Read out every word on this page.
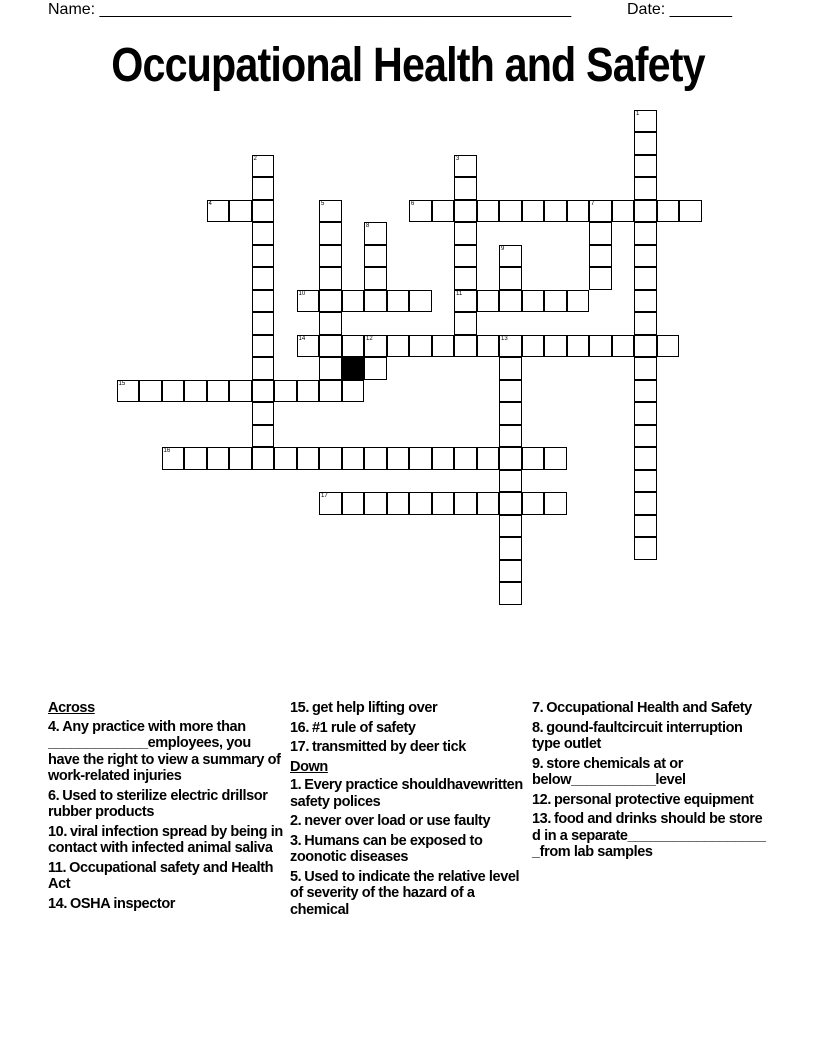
Name: _____________________________________________________	Date: _______
Occupational Health and Safety
4	6	7
10	11
14	12	13
15
16
17
1
2	3
5
8
9
Across
4. Any practice with more than _____________employees, you have the right to view a summary of work-related injuries
6. Used to sterilize electric drillsor rubber products
10. viral infection spread by being in contact with infected animal saliva
11. Occupational safety and Health Act
14. OSHA inspector
15. get help lifting over
16. #1 rule of safety
17. transmitted by deer tick
Down
1. Every practice shouldhavewritten safety polices
2. never over load or use faulty
3. Humans can be exposed to zoonotic diseases
5. Used to indicate the relative level of severity of the hazard of a chemical
7. Occupational Health and Safety
8. gound-faultcircuit interruption type outlet
9. store chemicals at or below___________level
12. personal protective equipment
13. food and drinks should be stored in a separate___________________from lab samples
